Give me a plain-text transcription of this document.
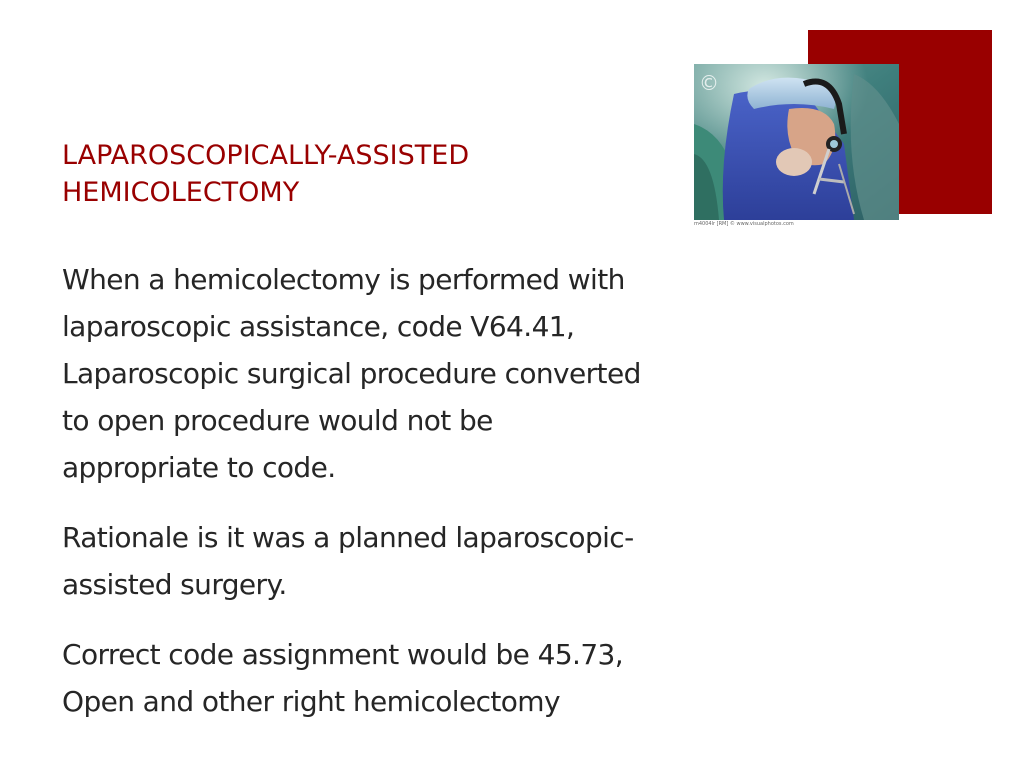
©
m4004lr [RM] © www.visualphotos.com
LAPAROSCOPICALLY-ASSISTED
HEMICOLECTOMY

When a hemicolectomy is performed with
laparoscopic assistance, code V64.41,
Laparoscopic surgical procedure converted
to open procedure would not be
appropriate to code.

Rationale is it was a planned laparoscopic-
assisted surgery.

Correct code assignment would be 45.73,
Open and other right hemicolectomy
